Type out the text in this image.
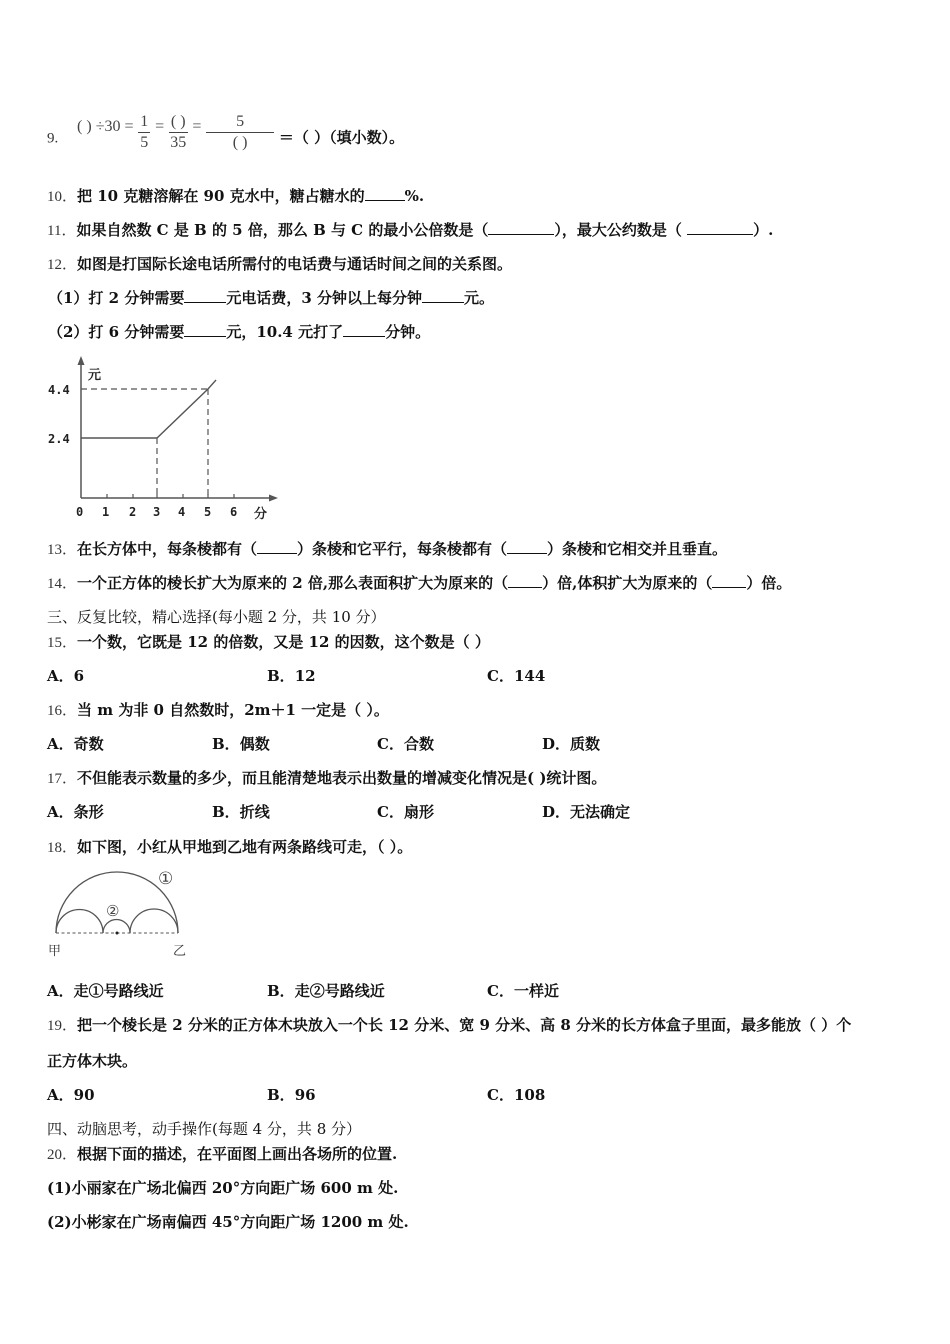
9. ( ) $\div 30 = \frac{1}{5} = \frac{( )}{35} = \frac{5}{( )}$ ＝（ ）（填小数）。
10．把 10 克糖溶解在 90 克水中，糖占糖水的	%.
11．如果自然数 C 是 B 的 5 倍，那么 B 与 C 的最小公倍数是（	），最大公约数是（	）.
12．如图是打国际长途电话所需付的电话费与通话时间之间的关系图。
（1）打 2 分钟需要	元电话费，3 分钟以上每分钟	元。
（2）打 6 分钟需要	元，10.4 元打了	分钟。
元
4.4
2.4
0 1 2 3 4 5 6 分
13．在长方体中，每条棱都有（	）条棱和它平行，每条棱都有（	）条棱和它相交并且垂直。
14．一个正方体的棱长扩大为原来的 2 倍,那么表面积扩大为原来的（ ）倍,体积扩大为原来的（ ）倍。
三、反复比较，精心选择(每小题 2 分，共 10 分）
15．一个数，它既是 12 的倍数，又是 12 的因数，这个数是（ ）
A．6	B．12	C．144
16．当 m 为非 0 自然数时，2m＋1 一定是（ ）。
A．奇数	B．偶数	C．合数	D．质数
17．不但能表示数量的多少，而且能清楚地表示出数量的增减变化情况是( )统计图。
A．条形	B．折线	C．扇形	D．无法确定
18．如下图，小红从甲地到乙地有两条路线可走，（ ）。
①
②
甲	乙
A．走①号路线近	B．走②号路线近	C．一样近
19．把一个棱长是 2 分米的正方体木块放入一个长 12 分米、宽 9 分米、高 8 分米的长方体盒子里面，最多能放（ ）个
正方体木块。
A．90	B．96	C．108
四、动脑思考，动手操作(每题 4 分，共 8 分）
20．根据下面的描述，在平面图上画出各场所的位置.
(1)小丽家在广场北偏西 20°方向距广场 600 m 处.
(2)小彬家在广场南偏西 45°方向距广场 1200 m 处.
